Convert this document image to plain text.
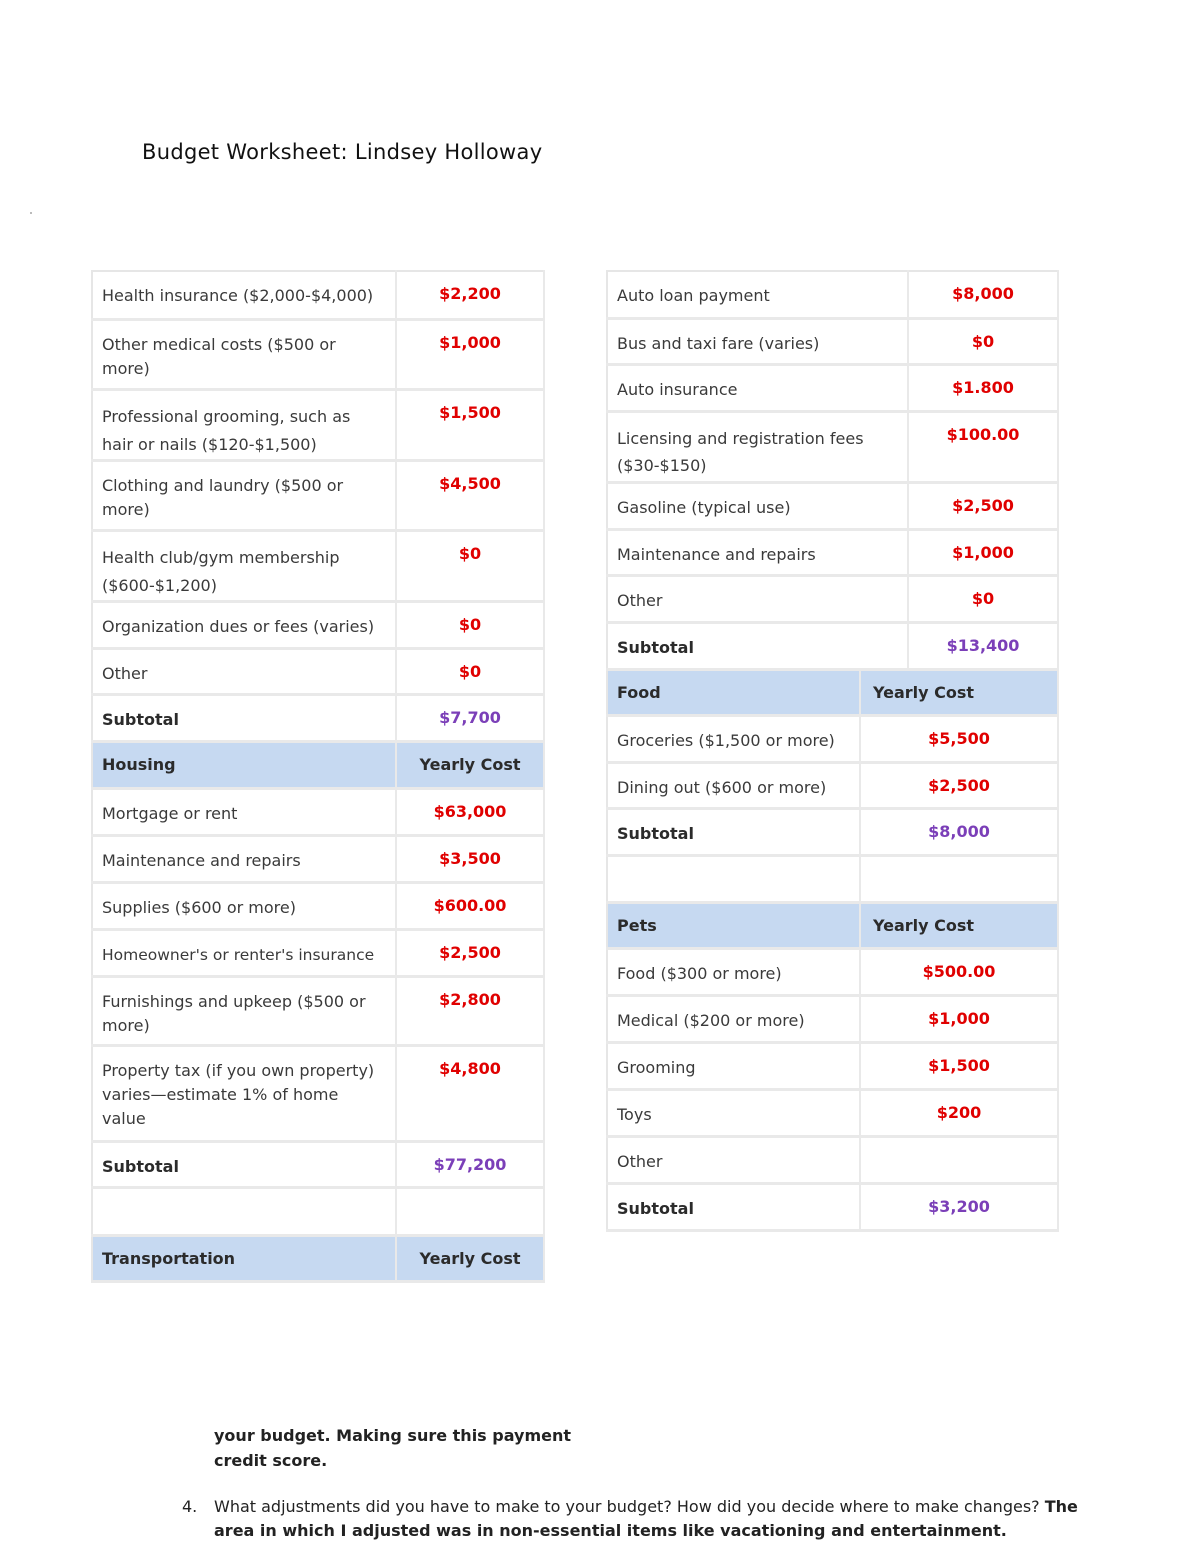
Budget Worksheet: Lindsey Holloway
Health insurance ($2,000-$4,000)	$2,200
Other medical costs ($500 or more)	$1,000
Professional grooming, such as hair or nails ($120-$1,500)	$1,500
Clothing and laundry ($500 or more)	$4,500
Health club/gym membership ($600-$1,200)	$0
Organization dues or fees (varies)	$0
Other	$0
Subtotal	$7,700
Housing	Yearly Cost
Mortgage or rent	$63,000
Maintenance and repairs	$3,500
Supplies ($600 or more)	$600.00
Homeowner's or renter's insurance	$2,500
Furnishings and upkeep ($500 or more)	$2,800
Property tax (if you own property) varies—estimate 1% of home value	$4,800
Subtotal	$77,200

Transportation	Yearly Cost
Auto loan payment		$8,000
Bus and taxi fare (varies)		$0
Auto insurance		$1.800
Licensing and registration fees ($30-$150)		$100.00
Gasoline (typical use)		$2,500
Maintenance and repairs		$1,000
Other		$0
Subtotal		$13,400
Food	Yearly Cost	
Groceries ($1,500 or more)	$5,500	
Dining out ($600 or more)	$2,500	
Subtotal	$8,000	

Pets	Yearly Cost	
Food ($300 or more)	$500.00	
Medical ($200 or more)	$1,000	
Grooming	$1,500	
Toys	$200	
Other		
Subtotal	$3,200	
your budget. Making sure this payment
credit score.
4. What adjustments did you have to make to your budget? How did you decide where to make changes? The area in which I adjusted was in non-essential items like vacationing and entertainment.
